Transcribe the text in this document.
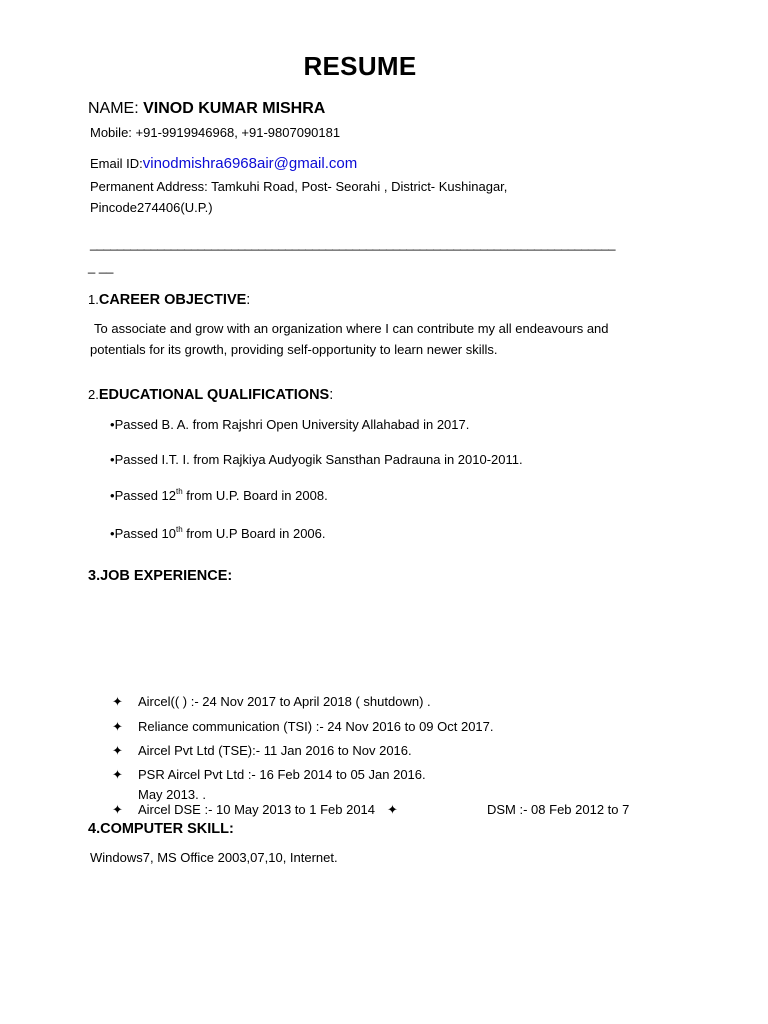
RESUME
NAME: VINOD KUMAR MISHRA
Mobile: +91-9919946968, +91-9807090181
Email ID:vinodmishra6968air@gmail.com
Permanent Address: Tamkuhi Road, Post- Seorahi , District- Kushinagar,
Pincode274406(U.P.)
______________________________________________________________________________
_ __
1.CAREER OBJECTIVE:
To associate and grow with an organization where I can contribute my all endeavours and potentials for its growth, providing self-opportunity to learn newer skills.
2.EDUCATIONAL QUALIFICATIONS:
•Passed B. A. from Rajshri Open University Allahabad in 2017.
•Passed I.T. I. from Rajkiya Audyogik Sansthan Padrauna in 2010-2011.
•Passed 12th from U.P. Board in 2008.
•Passed 10th from U.P Board in 2006.
3.JOB EXPERIENCE:
✦ Aircel(( ) :- 24 Nov 2017 to April 2018 ( shutdown) .
✦ Reliance communication (TSI) :- 24 Nov 2016 to 09 Oct 2017.
✦ Aircel Pvt Ltd (TSE):- 11 Jan 2016 to Nov 2016.
✦ PSR Aircel Pvt Ltd :- 16 Feb 2014 to 05 Jan 2016.
May 2013. .
✦ Aircel DSE :- 10 May 2013 to 1 Feb 2014 ✦	DSM :- 08 Feb 2012 to 7
4.COMPUTER SKILL:
Windows7, MS Office 2003,07,10, Internet.
